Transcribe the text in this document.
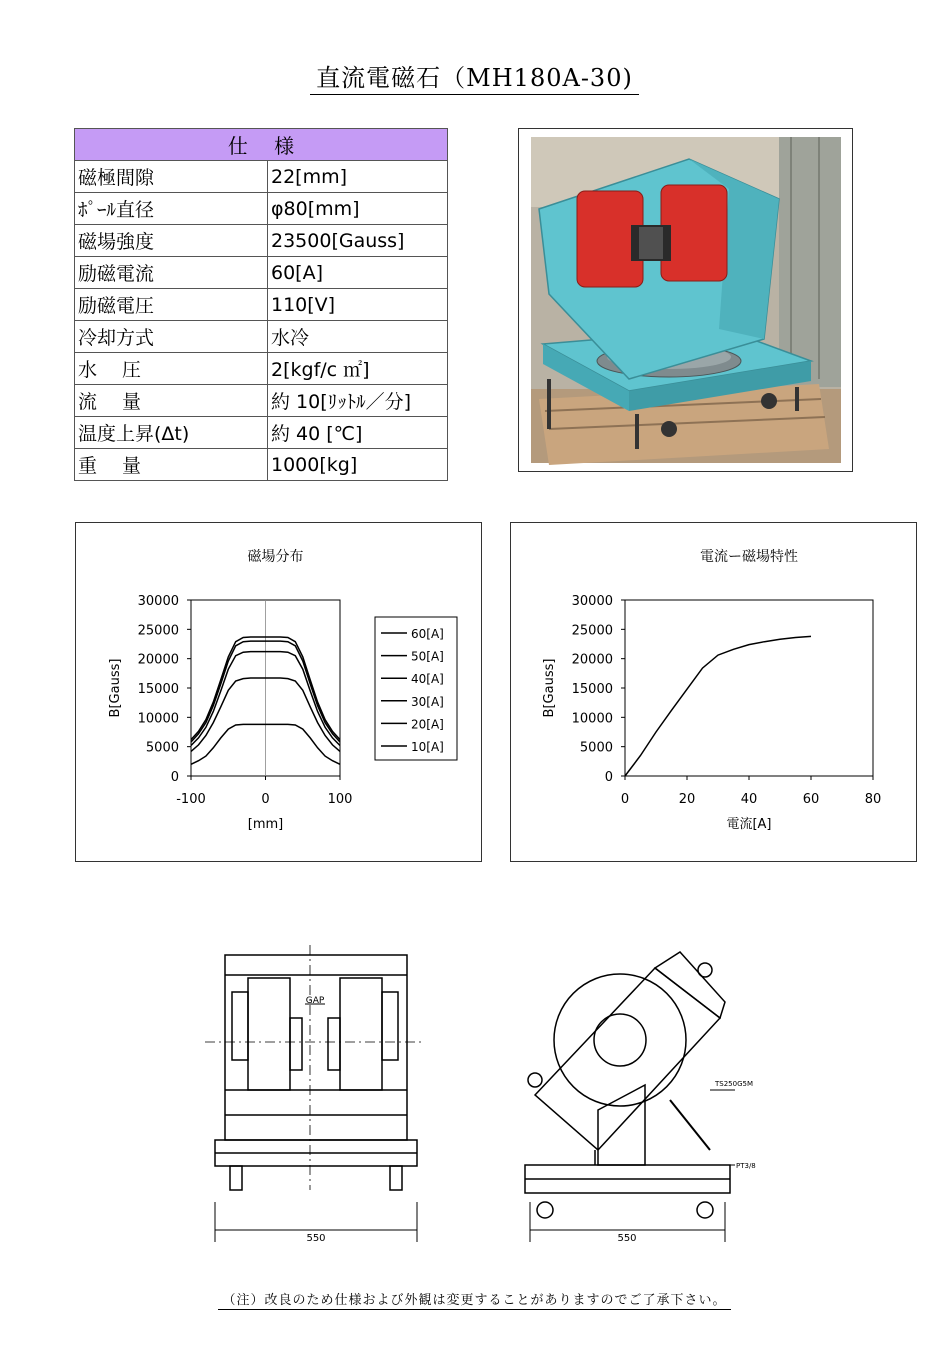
直流電磁石（MH180A-30)
仕　 様	
磁極間隙	22[mm]
ﾎﾟｰﾙ直径	φ80[mm]
磁場強度	23500[Gauss]
励磁電流	60[A]
励磁電圧	110[V]
冷却方式	水冷
水　 圧	2[kgf/c ㎡]
流　 量	約 10[ﾘｯﾄﾙ／分]
温度上昇(Δt)	約 40 [℃]
重　 量	1000[kg]
磁場分布
0
5000
10000
15000
20000
25000
30000
-100	0	100
[mm]
B[Gauss]
60[A]
50[A]
40[A]
30[A]
20[A]
10[A]
電流ー磁場特性
0
5000
10000
15000
20000
25000
30000
0	20	40	60	80
電流[A]
B[Gauss]
GAP
550	550
TS250G5M
PT3/8
（注）改良のため仕様および外観は変更することがありますのでご了承下さい。
